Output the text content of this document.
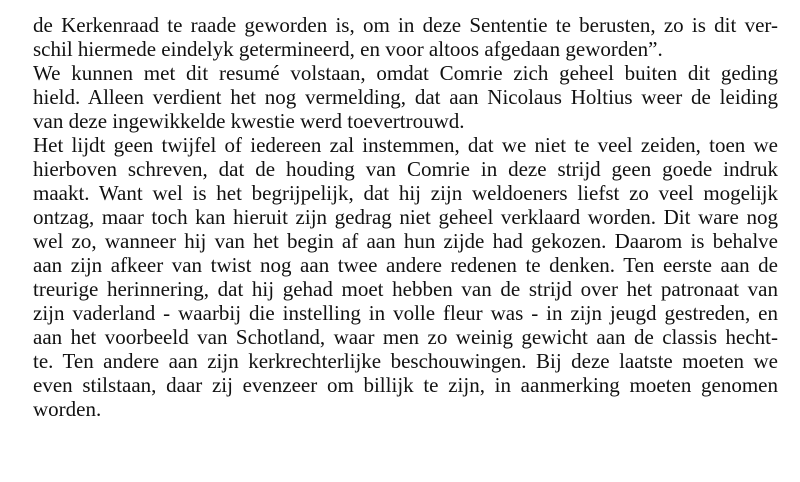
de Kerkenraad te raade geworden is, om in deze Sententie te berusten, zo is dit ver-
schil hiermede eindelyk getermineerd, en voor altoos afgedaan geworden”.
We kunnen met dit resumé volstaan, omdat Comrie zich geheel buiten dit geding
hield. Alleen verdient het nog vermelding, dat aan Nicolaus Holtius weer de leiding
van deze ingewikkelde kwestie werd toevertrouwd.
Het lijdt geen twijfel of iedereen zal instemmen, dat we niet te veel zeiden, toen we
hierboven schreven, dat de houding van Comrie in deze strijd geen goede indruk
maakt. Want wel is het begrijpelijk, dat hij zijn weldoeners liefst zo veel mogelijk
ontzag, maar toch kan hieruit zijn gedrag niet geheel verklaard worden. Dit ware nog
wel zo, wanneer hij van het begin af aan hun zijde had gekozen. Daarom is behalve
aan zijn afkeer van twist nog aan twee andere redenen te denken. Ten eerste aan de
treurige herinnering, dat hij gehad moet hebben van de strijd over het patronaat van
zijn vaderland - waarbij die instelling in volle fleur was - in zijn jeugd gestreden, en
aan het voorbeeld van Schotland, waar men zo weinig gewicht aan de classis hecht-
te. Ten andere aan zijn kerkrechterlijke beschouwingen. Bij deze laatste moeten we
even stilstaan, daar zij evenzeer om billijk te zijn, in aanmerking moeten genomen
worden.
